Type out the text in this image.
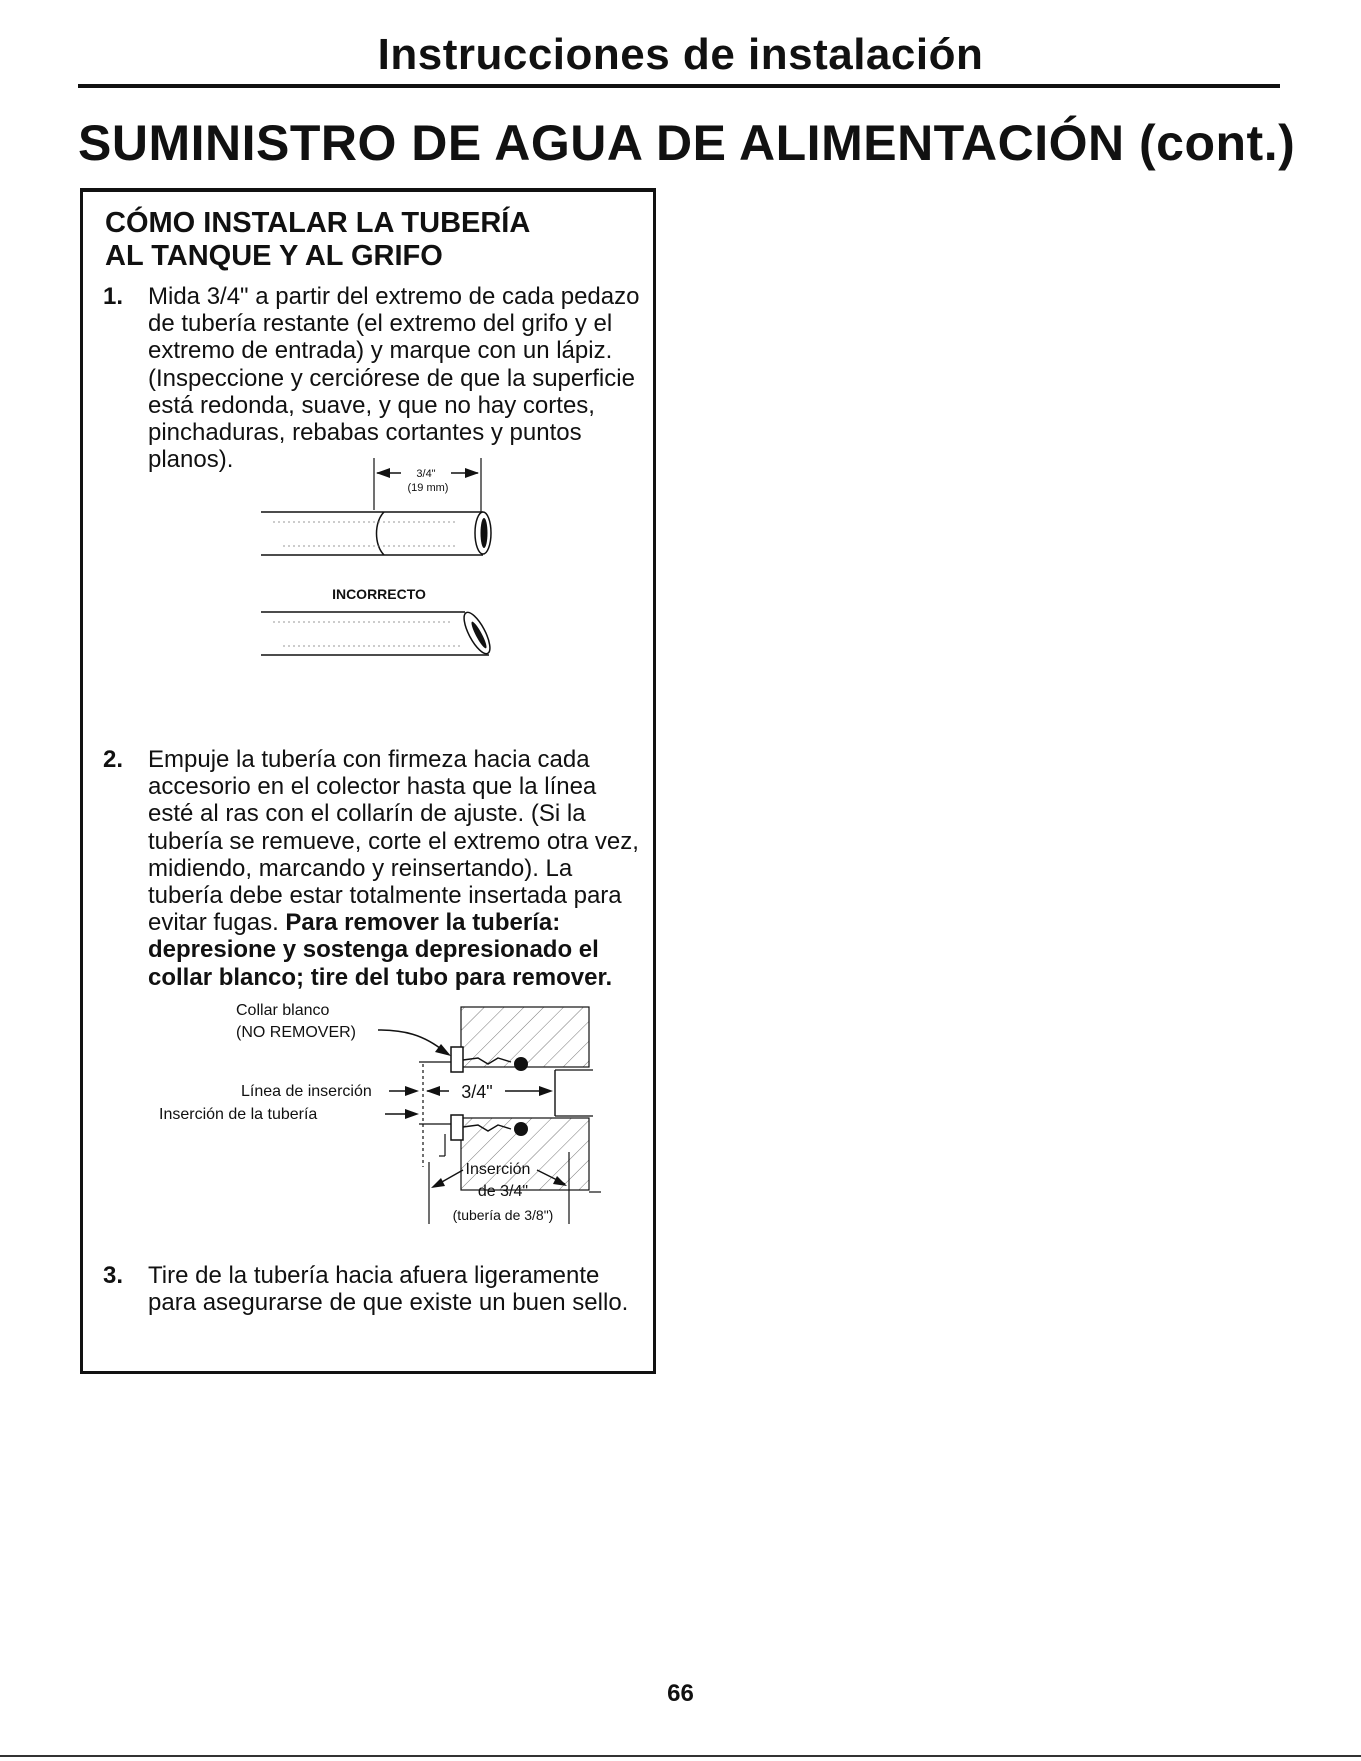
Instrucciones de instalación
SUMINISTRO DE AGUA DE ALIMENTACIÓN (cont.)
CÓMO INSTALAR LA TUBERÍA
AL TANQUE Y AL GRIFO
1. Mida 3/4" a partir del extremo de cada pedazo de tubería restante (el extremo del grifo y el extremo de entrada) y marque con un lápiz. (Inspeccione y cerciórese de que la superficie está redonda, suave, y que no hay cortes, pinchaduras, rebabas cortantes y puntos planos).
3/4"
(19 mm)
INCORRECTO
2. Empuje la tubería con firmeza hacia cada accesorio en el colector hasta que la línea esté al ras con el collarín de ajuste. (Si la tubería se remueve, corte el extremo otra vez, midiendo, marcando y reinsertando). La tubería debe estar totalmente insertada para evitar fugas. Para remover la tubería: depresione y sostenga depresionado el collar blanco; tire del tubo para remover.
Collar blanco
(NO REMOVER)
Línea de inserción	3/4"
Inserción de la tubería
Inserción
de 3/4"
(tubería de 3/8")
3. Tire de la tubería hacia afuera ligeramente para asegurarse de que existe un buen sello.
66
